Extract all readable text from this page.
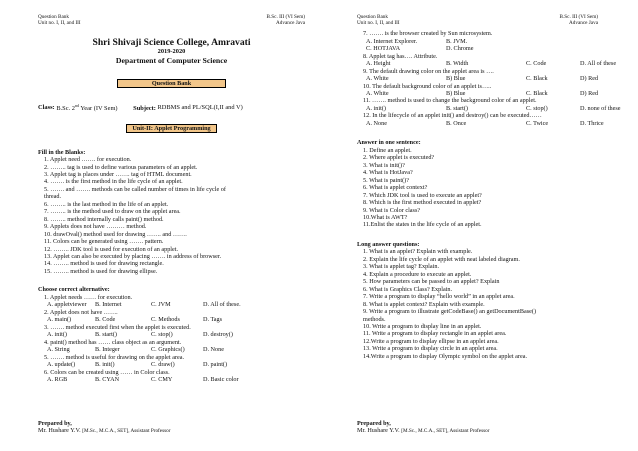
Question Bank
Unit no. I, II, and III
B.Sc. III (VI Sem)
Advance Java
Shri Shivaji Science College, Amravati
2019-2020
Department of Computer Science
Question Bank
Class: B.Sc. 2nd Year (IV Sem) Subject: RDBMS and PL/SQL(I,II and V)
Unit-II: Applet Programming
Fill in the Blanks:
1. Applet need ……. for execution.
2. …….. tag is used to define various parameters of an applet.
3. Applet tag is places under ……. tag of HTML document.
4. ……. is the first method in the life cycle of an applet.
5. ……. and ……. methods can be called number of times in life cycle of
thread.
6. …….. is the last method in the life of an applet.
7. …….. is the method used to draw on the applet area.
8. …….. method internally calls paint() method.
9. Applets does not have ……… method.
10. drawOval() method used for drawing ……. and …….
11. Colors can be generated using ……. pattern.
12. …….. JDK tool is used for execution of an applet.
13. Applet can also be executed by placing ……. in address of browser.
14. …….. method is used for drawing rectangle.
15. …….. method is used for drawing ellipse.
Choose correct alternative:
1. Applet needs …… for execution.
A. appletviewer	B. Internet	C. JVM	D. All of these.
2. Applet does not have …….
A. main()	B. Code	C. Methods	D. Tags
3. ……. method executed first when the applet is executed.
A. init()	B. start()	C. stop()	D. destroy()
4. paint() method has …… class object as an argument.
A. String	B. Integer	C. Graphics()	D. None
5. ……. method is useful for drawing on the applet area.
A. update()	B. init()	C. draw()	D. paint()
6. Colors can be created using …… in Color class.
A. RGB	B. CYAN	C. CMY	D. Basic color
Prepared by,
Mr. Hushare Y.V. [M.Sc., M.C.A., SET], Assistant Professor
Question Bank
Unit no. I, II, and III
B.Sc. III (VI Sem)
Advance Java
7. ……. is the browser created by Sun microsystem.
A. Internet Explorer.	B. JVM.
C. HOTJAVA	D. Chrome
8. Applet tag has…. Attribute.
A. Height	B. Width	C. Code	D. All of these
9. The default drawing color on the applet area is ….
A. White	B) Blue	C. Black	D) Red
10. The default background color of an applet is…..
A. White	B) Blue	C. Black	D) Red
11. ……. method is used to change the background color of an applet.
A. init()	B. start()	C. stop()	D. none of these
12. In the lifecycle of an applet init() and destroy() can be executed……
A. None	B. Once	C. Twice	D. Thrice
Answer in one sentence:
1. Define an applet.
2. Where applet is executed?
3. What is init()?
4. What is HotJava?
5. What is paint()?
6. What is applet context?
7. Which JDK tool is used to execute an applet?
8. Which is the first method executed in applet?
9. What is Color class?
10.What is AWT?
11.Enlist the states in the life cycle of an applet.
Long answer questions:
1. What is an applet? Explain with example.
2. Explain the life cycle of an applet with neat labeled diagram.
3. What is applet tag? Explain.
4. Explain a procedure to execute an applet.
5. How parameters can be passed to an applet? Explain
6. What is Graphics Class? Explain.
7. Write a program to display “hello world” in an applet area.
8. What is applet context? Explain with example.
9. Write a program to illustrate getCodeBase() an getDocumentBase()
methods.
10. Write a program to display line in an applet.
11. Write a program to display rectangle in an applet area.
12.Write a program to display ellipse in an applet area.
13. Write a program to display circle in an applet area.
14.Write a program to display Olympic symbol on the applet area.
Prepared by,
Mr. Hushare Y.V. [M.Sc., M.C.A., SET], Assistant Professor
